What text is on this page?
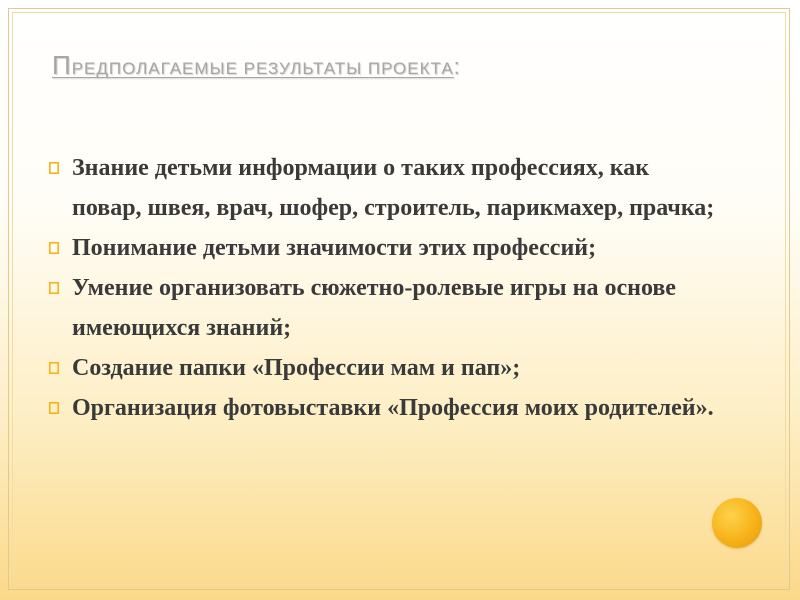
ПРЕДПОЛАГАЕМЫЕ РЕЗУЛЬТАТЫ ПРОЕКТА:
Знание детьми информации о таких профессиях, как повар, швея, врач, шофер, строитель, парикмахер, прачка;
Понимание детьми значимости этих профессий;
Умение организовать сюжетно-ролевые игры на основе имеющихся знаний;
Создание папки «Профессии мам и пап»;
Организация фотовыставки «Профессия моих родителей».
